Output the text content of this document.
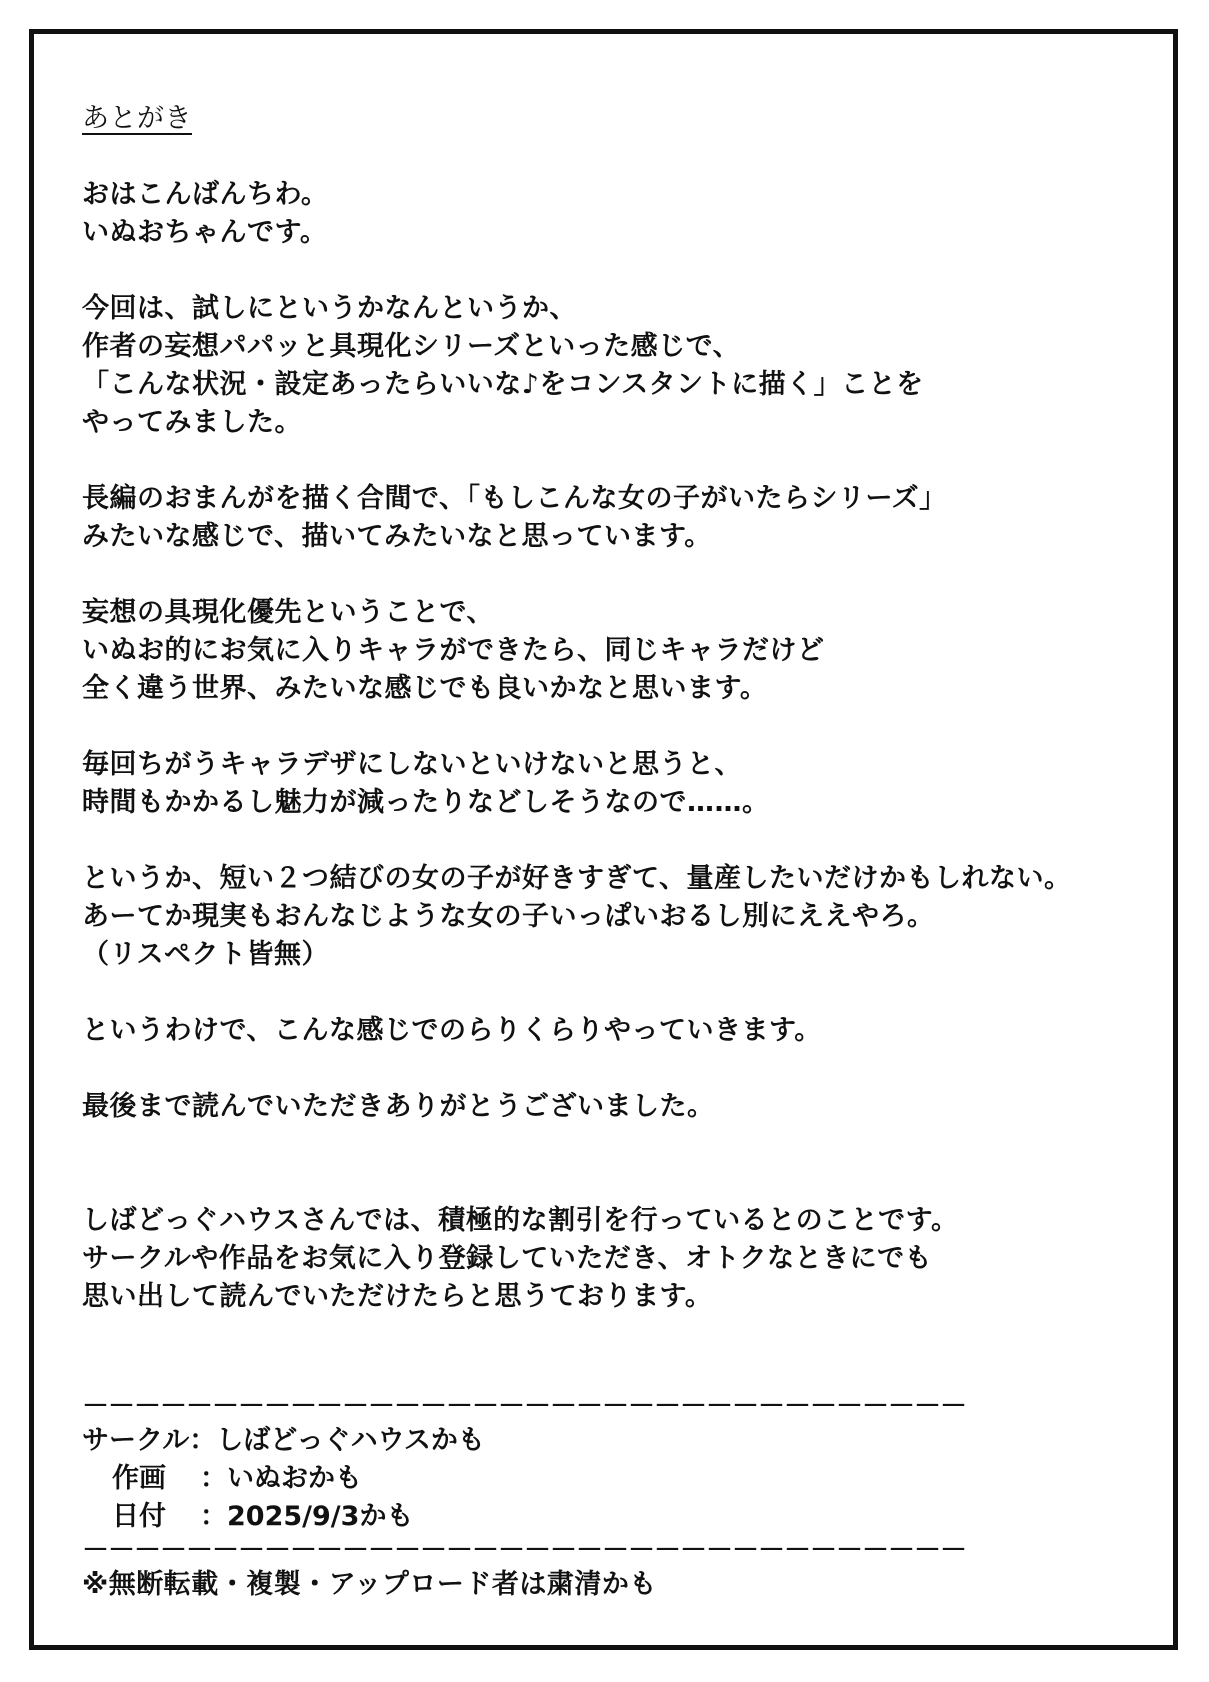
あとがき
おはこんばんちわ。
いぬおちゃんです。
今回は、試しにというかなんというか、
作者の妄想パパッと具現化シリーズといった感じで、
「こんな状況・設定あったらいいな♪をコンスタントに描く」ことを
やってみました。
長編のおまんがを描く合間で、「もしこんな女の子がいたらシリーズ」
みたいな感じで、描いてみたいなと思っています。
妄想の具現化優先ということで、
いぬお的にお気に入りキャラができたら、同じキャラだけど
全く違う世界、みたいな感じでも良いかなと思います。
毎回ちがうキャラデザにしないといけないと思うと、
時間もかかるし魅力が減ったりなどしそうなので……。
というか、短い２つ結びの女の子が好きすぎて、量産したいだけかもしれない。
あーてか現実もおんなじような女の子いっぱいおるし別にええやろ。
（リスペクト皆無）
というわけで、こんな感じでのらりくらりやっていきます。
最後まで読んでいただきありがとうございました。
しばどっぐハウスさんでは、積極的な割引を行っているとのことです。
サークルや作品をお気に入り登録していただき、オトクなときにでも
思い出して読んでいただけたらと思うております。
－－－－－－－－－－－－－－－－－－－－－－－－－－－－－－－－－－
サークル：しばどっぐハウスかも
作画 ：いぬおかも
日付 ：2025/9/3かも
－－－－－－－－－－－－－－－－－－－－－－－－－－－－－－－－－－
※無断転載・複製・アップロード者は粛清かも
